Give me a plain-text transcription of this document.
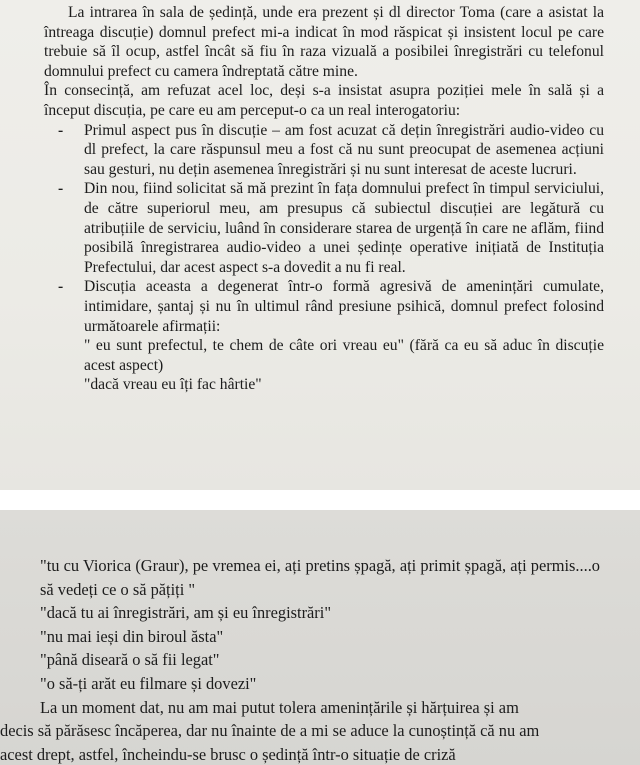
La intrarea în sala de ședință, unde era prezent și dl director Toma (care a asistat la întreaga discuție) domnul prefect mi-a indicat în mod răspicat și insistent locul pe care trebuie să îl ocup, astfel încât să fiu în raza vizuală a posibilei înregistrări cu telefonul domnului prefect cu camera îndreptată către mine.

În consecință, am refuzat acel loc, deși s-a insistat asupra poziției mele în sală și a început discuția, pe care eu am perceput-o ca un real interogatoriu:

- Primul aspect pus în discuție – am fost acuzat că dețin înregistrări audio-video cu dl prefect, la care răspunsul meu a fost că nu sunt preocupat de asemenea acțiuni sau gesturi, nu dețin asemenea înregistrări și nu sunt interesat de aceste lucruri.
- Din nou, fiind solicitat să mă prezint în fața domnului prefect în timpul serviciului, de către superiorul meu, am presupus că subiectul discuției are legătură cu atribuțiile de serviciu, luând în considerare starea de urgență în care ne aflăm, fiind posibilă înregistrarea audio-video a unei ședințe operative inițiată de Instituția Prefectului, dar acest aspect s-a dovedit a nu fi real.
- Discuția aceasta a degenerat într-o formă agresivă de amenințări cumulate, intimidare, șantaj și nu în ultimul rând presiune psihică, domnul prefect folosind următoarele afirmații:

" eu sunt prefectul, te chem de câte ori vreau eu" (fără ca eu să aduc în discuție acest aspect)

"dacă vreau eu îți fac hârtie"

"tu cu Viorica (Graur), pe vremea ei, ați pretins șpagă, ați primit șpagă, ați permis....o să vedeți ce o să pățiți "

"dacă tu ai înregistrări, am și eu înregistrări"

"nu mai ieși din biroul ăsta"

"până diseară o să fii legat"

"o să-ți arăt eu filmare și dovezi"

La un moment dat, nu am mai putut tolera amenințările și hărțuirea și am
decis să părăsesc încăperea, dar nu înainte de a mi se aduce la cunoștință că nu am
acest drept, astfel, încheindu-se brusc o ședință într-o situație de criză
